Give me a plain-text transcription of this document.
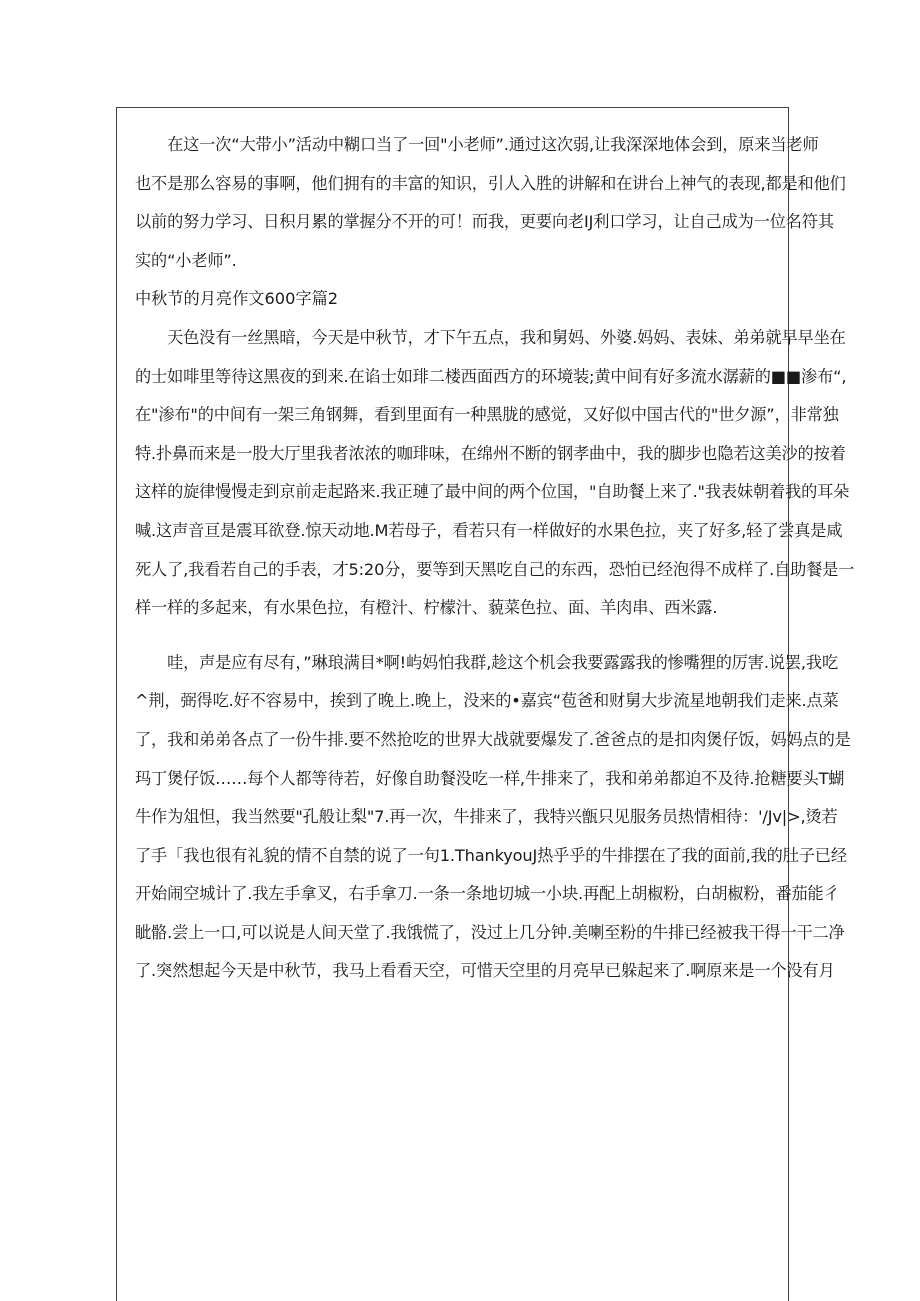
　　在这一次“大带小”活动中糊口当了一回"小老师”.通过这次弱,让我深深地体会到，原来当老师

也不是那么容易的事啊，他们拥有的丰富的知识，引人入胜的讲解和在讲台上神气的表现,都是和他们

以前的努力学习、日积月累的掌握分不开的可！而我，更要向老IJ利口学习，让自己成为一位名符其

实的“小老师”.

中秋节的月亮作文600字篇2

　　天色没有一丝黑暗，今天是中秋节，才下午五点，我和舅妈、外婆.妈妈、表妹、弟弟就早早坐在

的士如啡里等待这黑夜的到来.在谄士如琲二楼西面西方的环境装;黄中间有好多流水潺薪的■■渗布“,

在"渗布"的中间有一架三角钢舞，看到里面有一种黑胧的感觉，又好似中国古代的"世夕源”，非常独

特.扑鼻而来是一股大厅里我者浓浓的咖琲味，在绵州不断的钢孝曲中，我的脚步也隐若这美沙的按着

这样的旋律慢慢走到京前走起路来.我正璉了最中间的两个位国，"自助餐上来了."我表妹朝着我的耳朵

喊.这声音亘是震耳欲登.惊天动地.M若母子，看若只有一样做好的水果色拉，夹了好多,轻了尝真是咸

死人了,我看若自己的手表，才5:20分，要等到天黑吃自己的东西，恐怕已经泡得不成样了.自助餐是一

样一样的多起来，有水果色拉，有橙汁、柠檬汁、藐菜色拉、面、羊肉串、西米露.

　　哇，声是应有尽有，”琳琅满目*啊!屿妈怕我群,趁这个机会我要露露我的惨嘴狸的厉害.说罢,我吃

^荆，弼得吃.好不容易中，挨到了晚上.晚上，没来的•嘉宾“苞爸和财舅大步流星地朝我们走来.点菜

了，我和弟弟各点了一份牛排.要不然抢吃的世界大战就要爆发了.爸爸点的是扣肉煲仔饭，妈妈点的是

玛丁煲仔饭……每个人都等待若，好像自助餐没吃一样,牛排来了，我和弟弟都迫不及待.抢糖要头T蝴

牛作为俎怛，我当然要"孔般让梨"7.再一次，牛排来了，我特兴甑只见服务员热情相待：'/Jv|>,烫若

了手「我也很有礼貌的情不自禁的说了一句1.ThankyouJ热乎乎的牛排摆在了我的面前,我的肚子已经

开始闹空城计了.我左手拿叉，右手拿刀.一条一条地切城一小块.再配上胡椒粉，白胡椒粉，番茄能彳

眦骼.尝上一口,可以说是人间天堂了.我饿慌了，没过上几分钟.美喇至粉的牛排已经被我干得一干二净

了.突然想起今天是中秋节，我马上看看天空，可惜天空里的月亮早已躲起来了.啊原来是一个没有月
